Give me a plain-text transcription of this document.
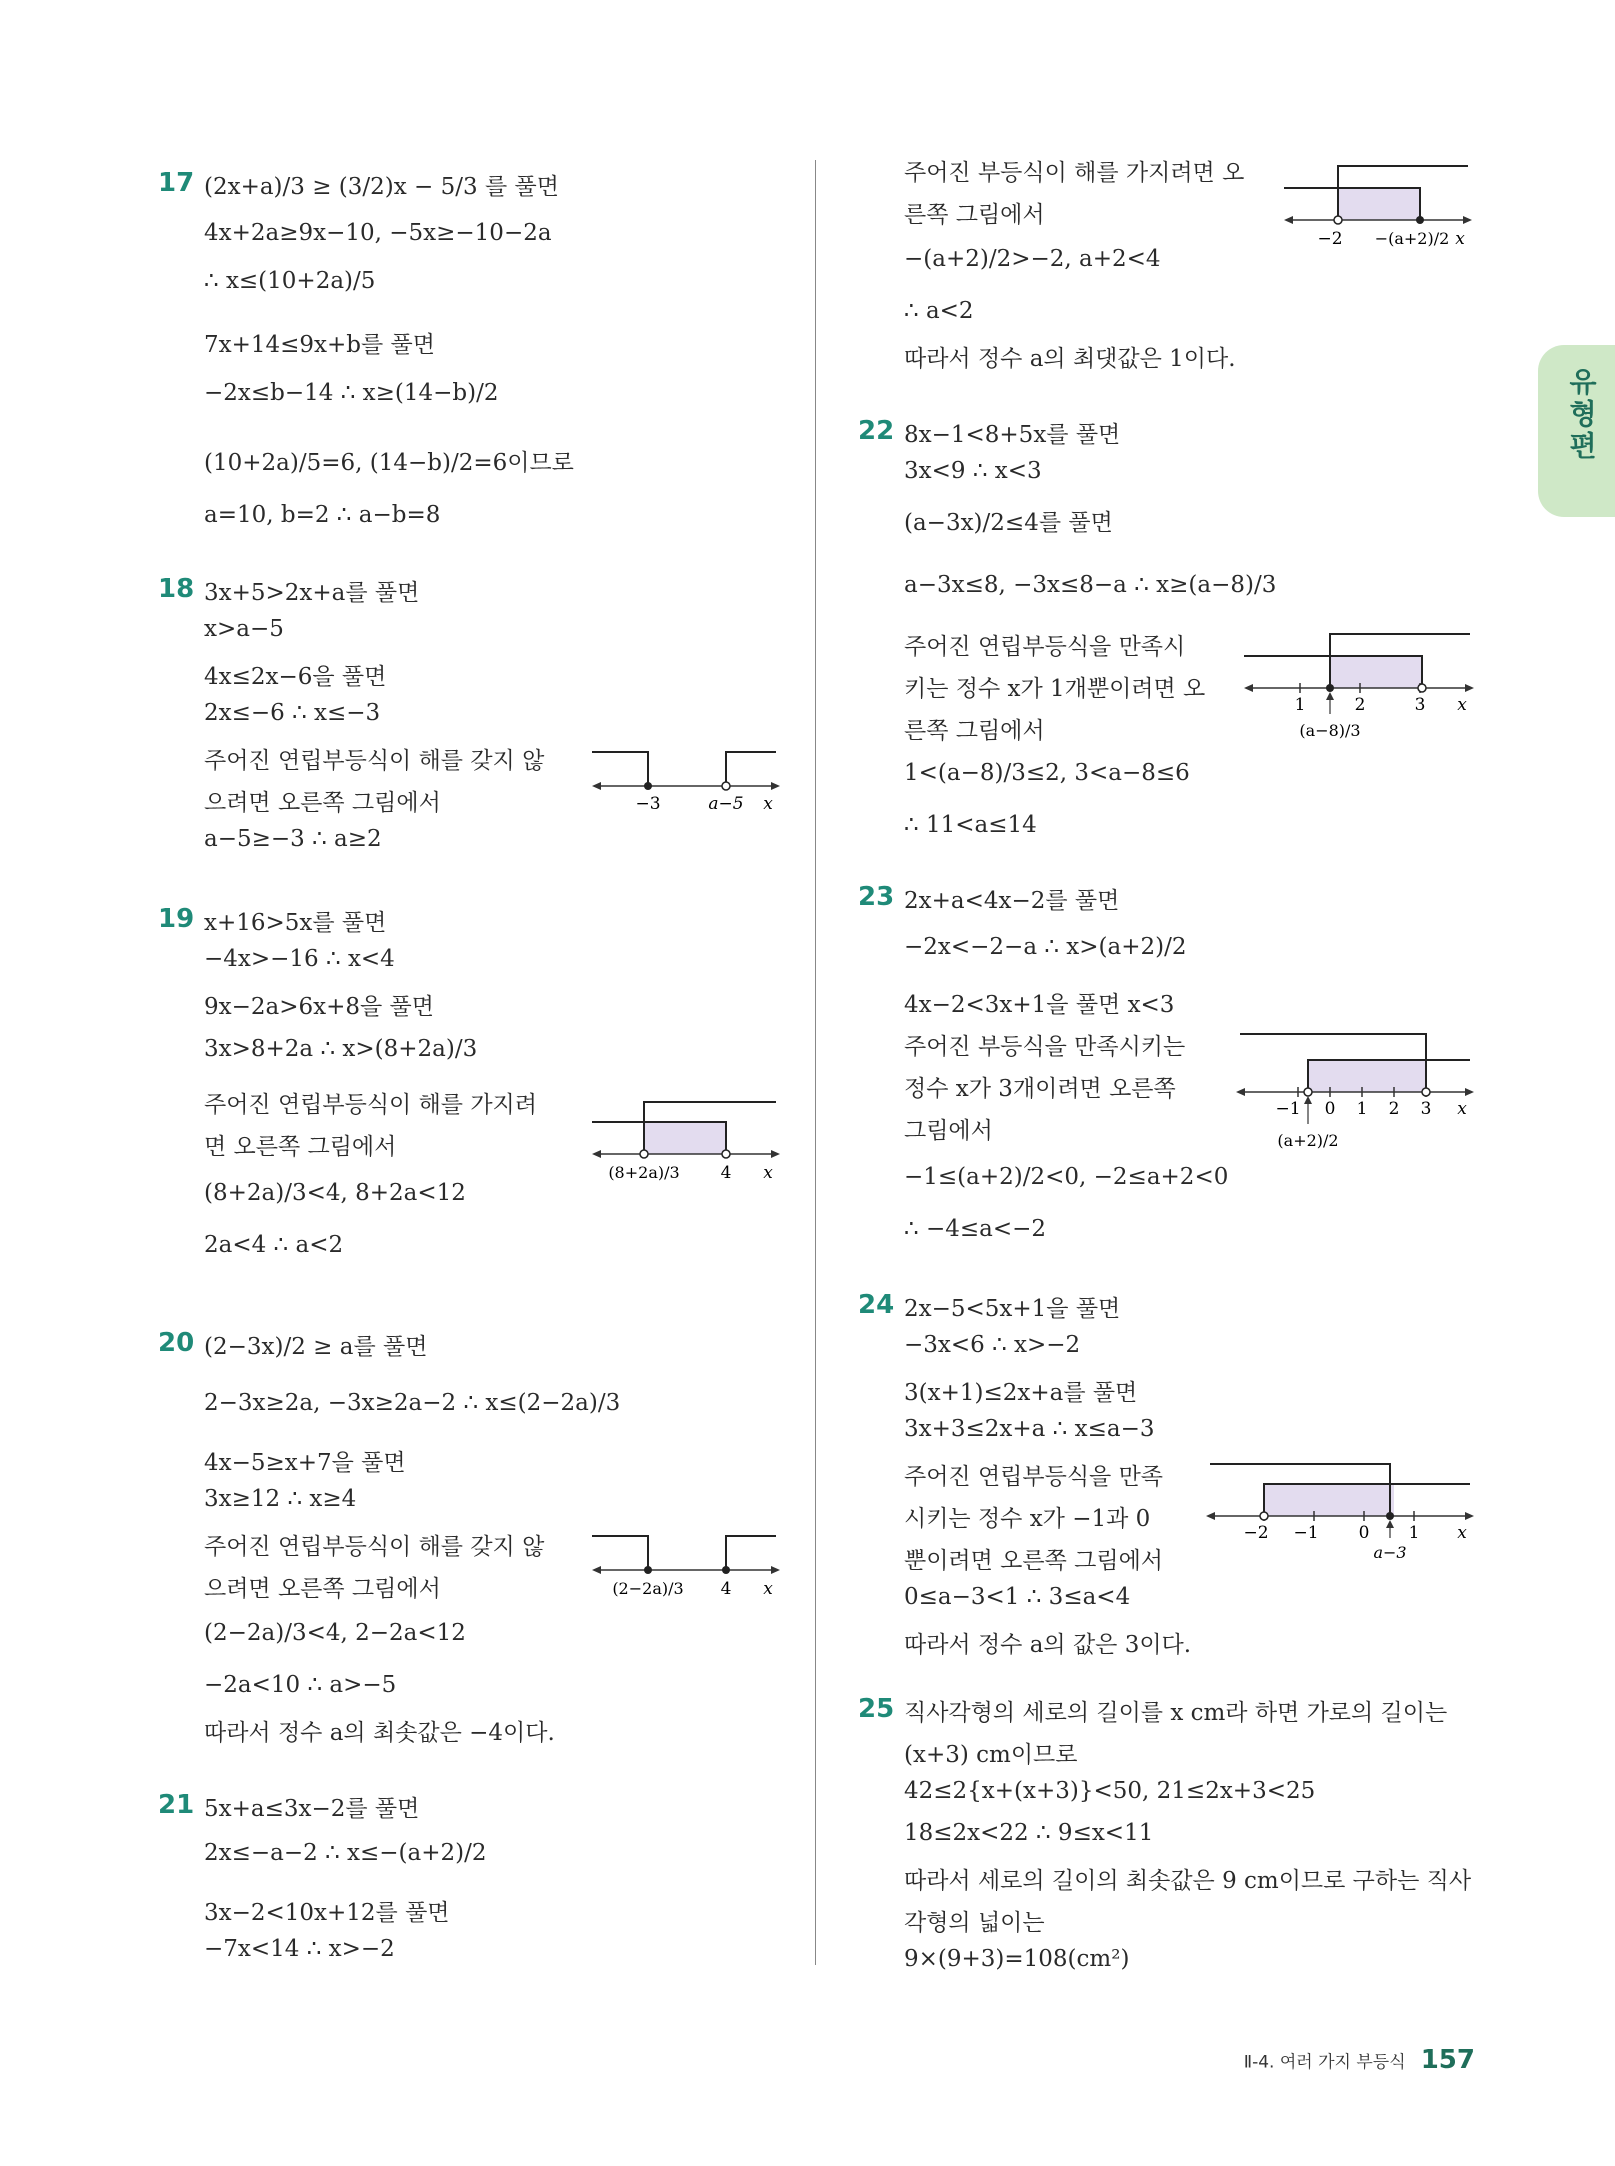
17 (2x+a)/3 ≥ (3/2)x − 5/3 를 풀면
4x+2a≥9x−10, −5x≥−10−2a
∴ x≤(10+2a)/5
7x+14≤9x+b를 풀면
−2x≤b−14 ∴ x≥(14−b)/2
(10+2a)/5=6, (14−b)/2=6이므로
a=10, b=2 ∴ a−b=8
18 3x+5>2x+a를 풀면
x>a−5
4x≤2x−6을 풀면
2x≤−6 ∴ x≤−3
주어진 연립부등식이 해를 갖지 않
으려면 오른쪽 그림에서
a−5≥−3 ∴ a≥2
19 x+16>5x를 풀면
−4x>−16 ∴ x<4
9x−2a>6x+8을 풀면
3x>8+2a ∴ x>(8+2a)/3
주어진 연립부등식이 해를 가지려
면 오른쪽 그림에서
(8+2a)/3<4, 8+2a<12
2a<4 ∴ a<2
20 (2−3x)/2 ≥ a를 풀면
2−3x≥2a, −3x≥2a−2 ∴ x≤(2−2a)/3
4x−5≥x+7을 풀면
3x≥12 ∴ x≥4
주어진 연립부등식이 해를 갖지 않
으려면 오른쪽 그림에서
(2−2a)/3<4, 2−2a<12
−2a<10 ∴ a>−5
따라서 정수 a의 최솟값은 −4이다.
21 5x+a≤3x−2를 풀면
2x≤−a−2 ∴ x≤−(a+2)/2
3x−2<10x+12를 풀면
−7x<14 ∴ x>−2
주어진 부등식이 해를 가지려면 오
른쪽 그림에서
−(a+2)/2>−2, a+2<4
∴ a<2
따라서 정수 a의 최댓값은 1이다.
22 8x−1<8+5x를 풀면
3x<9 ∴ x<3
(a−3x)/2≤4를 풀면
a−3x≤8, −3x≤8−a ∴ x≥(a−8)/3
주어진 연립부등식을 만족시
키는 정수 x가 1개뿐이려면 오
른쪽 그림에서
1<(a−8)/3≤2, 3<a−8≤6
∴ 11<a≤14
23 2x+a<4x−2를 풀면
−2x<−2−a ∴ x>(a+2)/2
4x−2<3x+1을 풀면 x<3
주어진 부등식을 만족시키는
정수 x가 3개이려면 오른쪽
그림에서
−1≤(a+2)/2<0, −2≤a+2<0
∴ −4≤a<−2
24 2x−5<5x+1을 풀면
−3x<6 ∴ x>−2
3(x+1)≤2x+a를 풀면
3x+3≤2x+a ∴ x≤a−3
주어진 연립부등식을 만족
시키는 정수 x가 −1과 0
뿐이려면 오른쪽 그림에서
0≤a−3<1 ∴ 3≤a<4
따라서 정수 a의 값은 3이다.
25 직사각형의 세로의 길이를 x cm라 하면 가로의 길이는
(x+3) cm이므로
42≤2{x+(x+3)}<50, 21≤2x+3<25
18≤2x<22 ∴ 9≤x<11
따라서 세로의 길이의 최솟값은 9 cm이므로 구하는 직사
각형의 넓이는
9×(9+3)=108(cm²)
−3	a−5 x
(8+2a)/3 4 x
(2−2a)/3 4 x
−2 −(a+2)/2 x
1	2	3 x
(a−8)/3
−1 0 1 2 3 x
(a+2)/2
−2 −1 0 1 x
a−3
유형편
Ⅱ-4. 여러 가지 부등식 157
